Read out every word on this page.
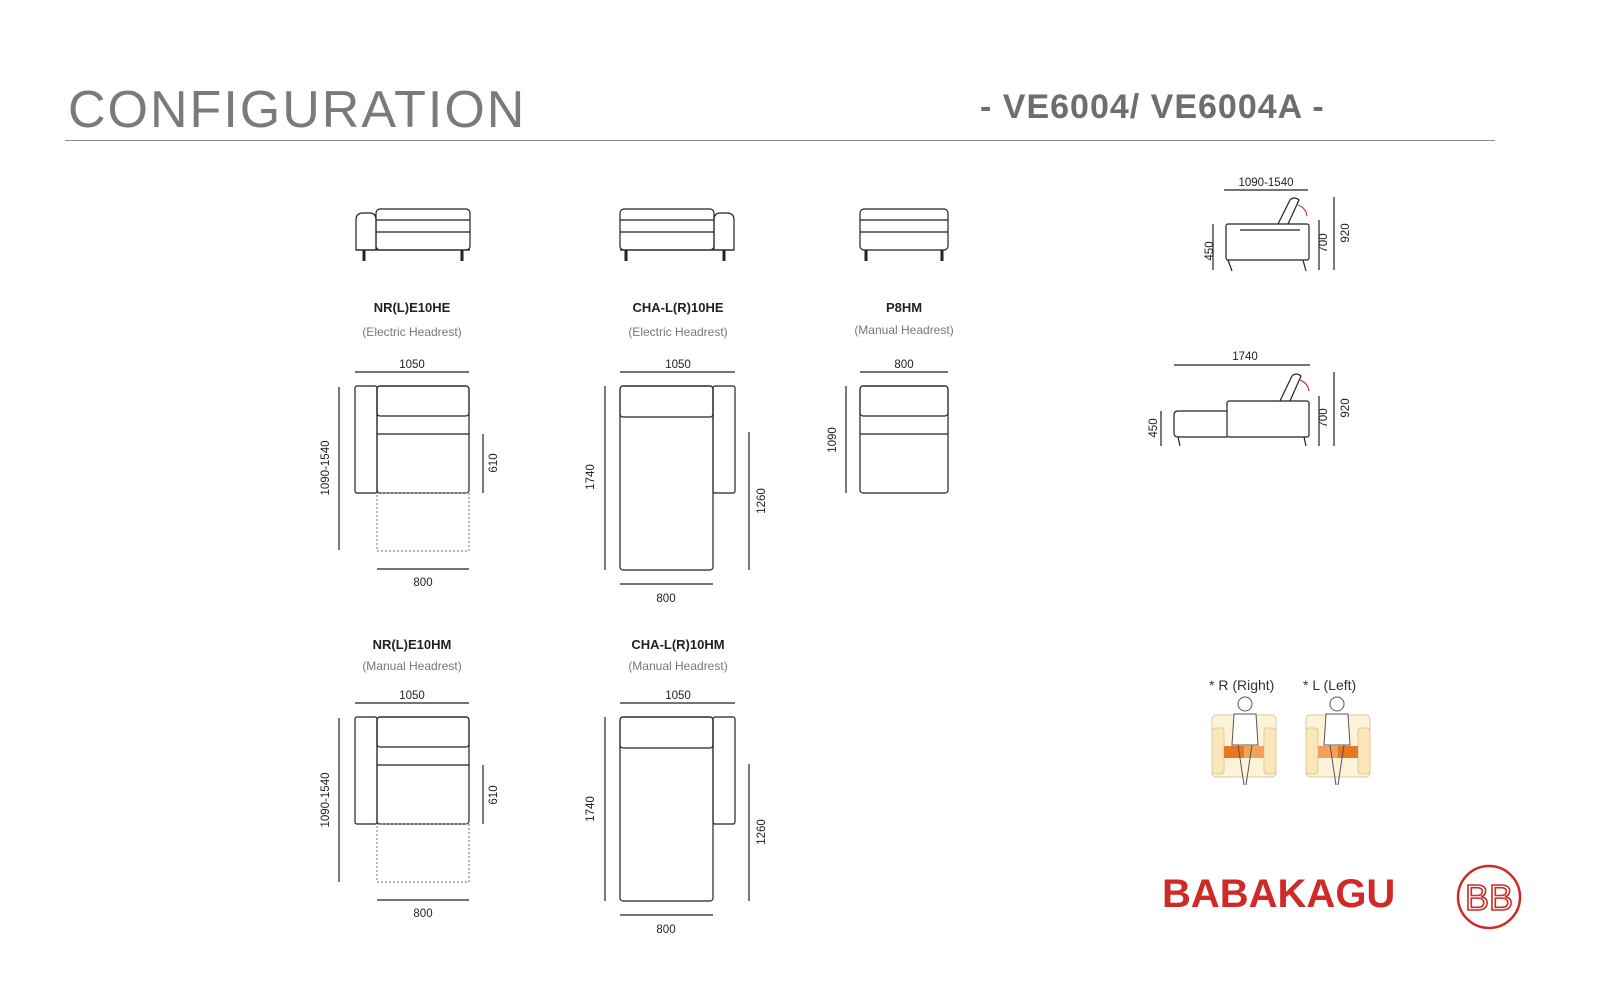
CONFIGURATION	- VE6004/ VE6004A -
NR(L)E10HE
(Electric Headrest)
CHA-L(R)10HE
(Electric Headrest)
P8HM
(Manual Headrest)
NR(L)E10HM
(Manual Headrest)
CHA-L(R)10HM
(Manual Headrest)
1050
800
1090-1540	610
1050
800
1740
1260
800
1090
1050
800
1090-1540	610
1050
800
1740
1260
1090-1540
450	700
920
1740
450
700
920
* R (Right) * L (Left)
BB
BABAKAGU
